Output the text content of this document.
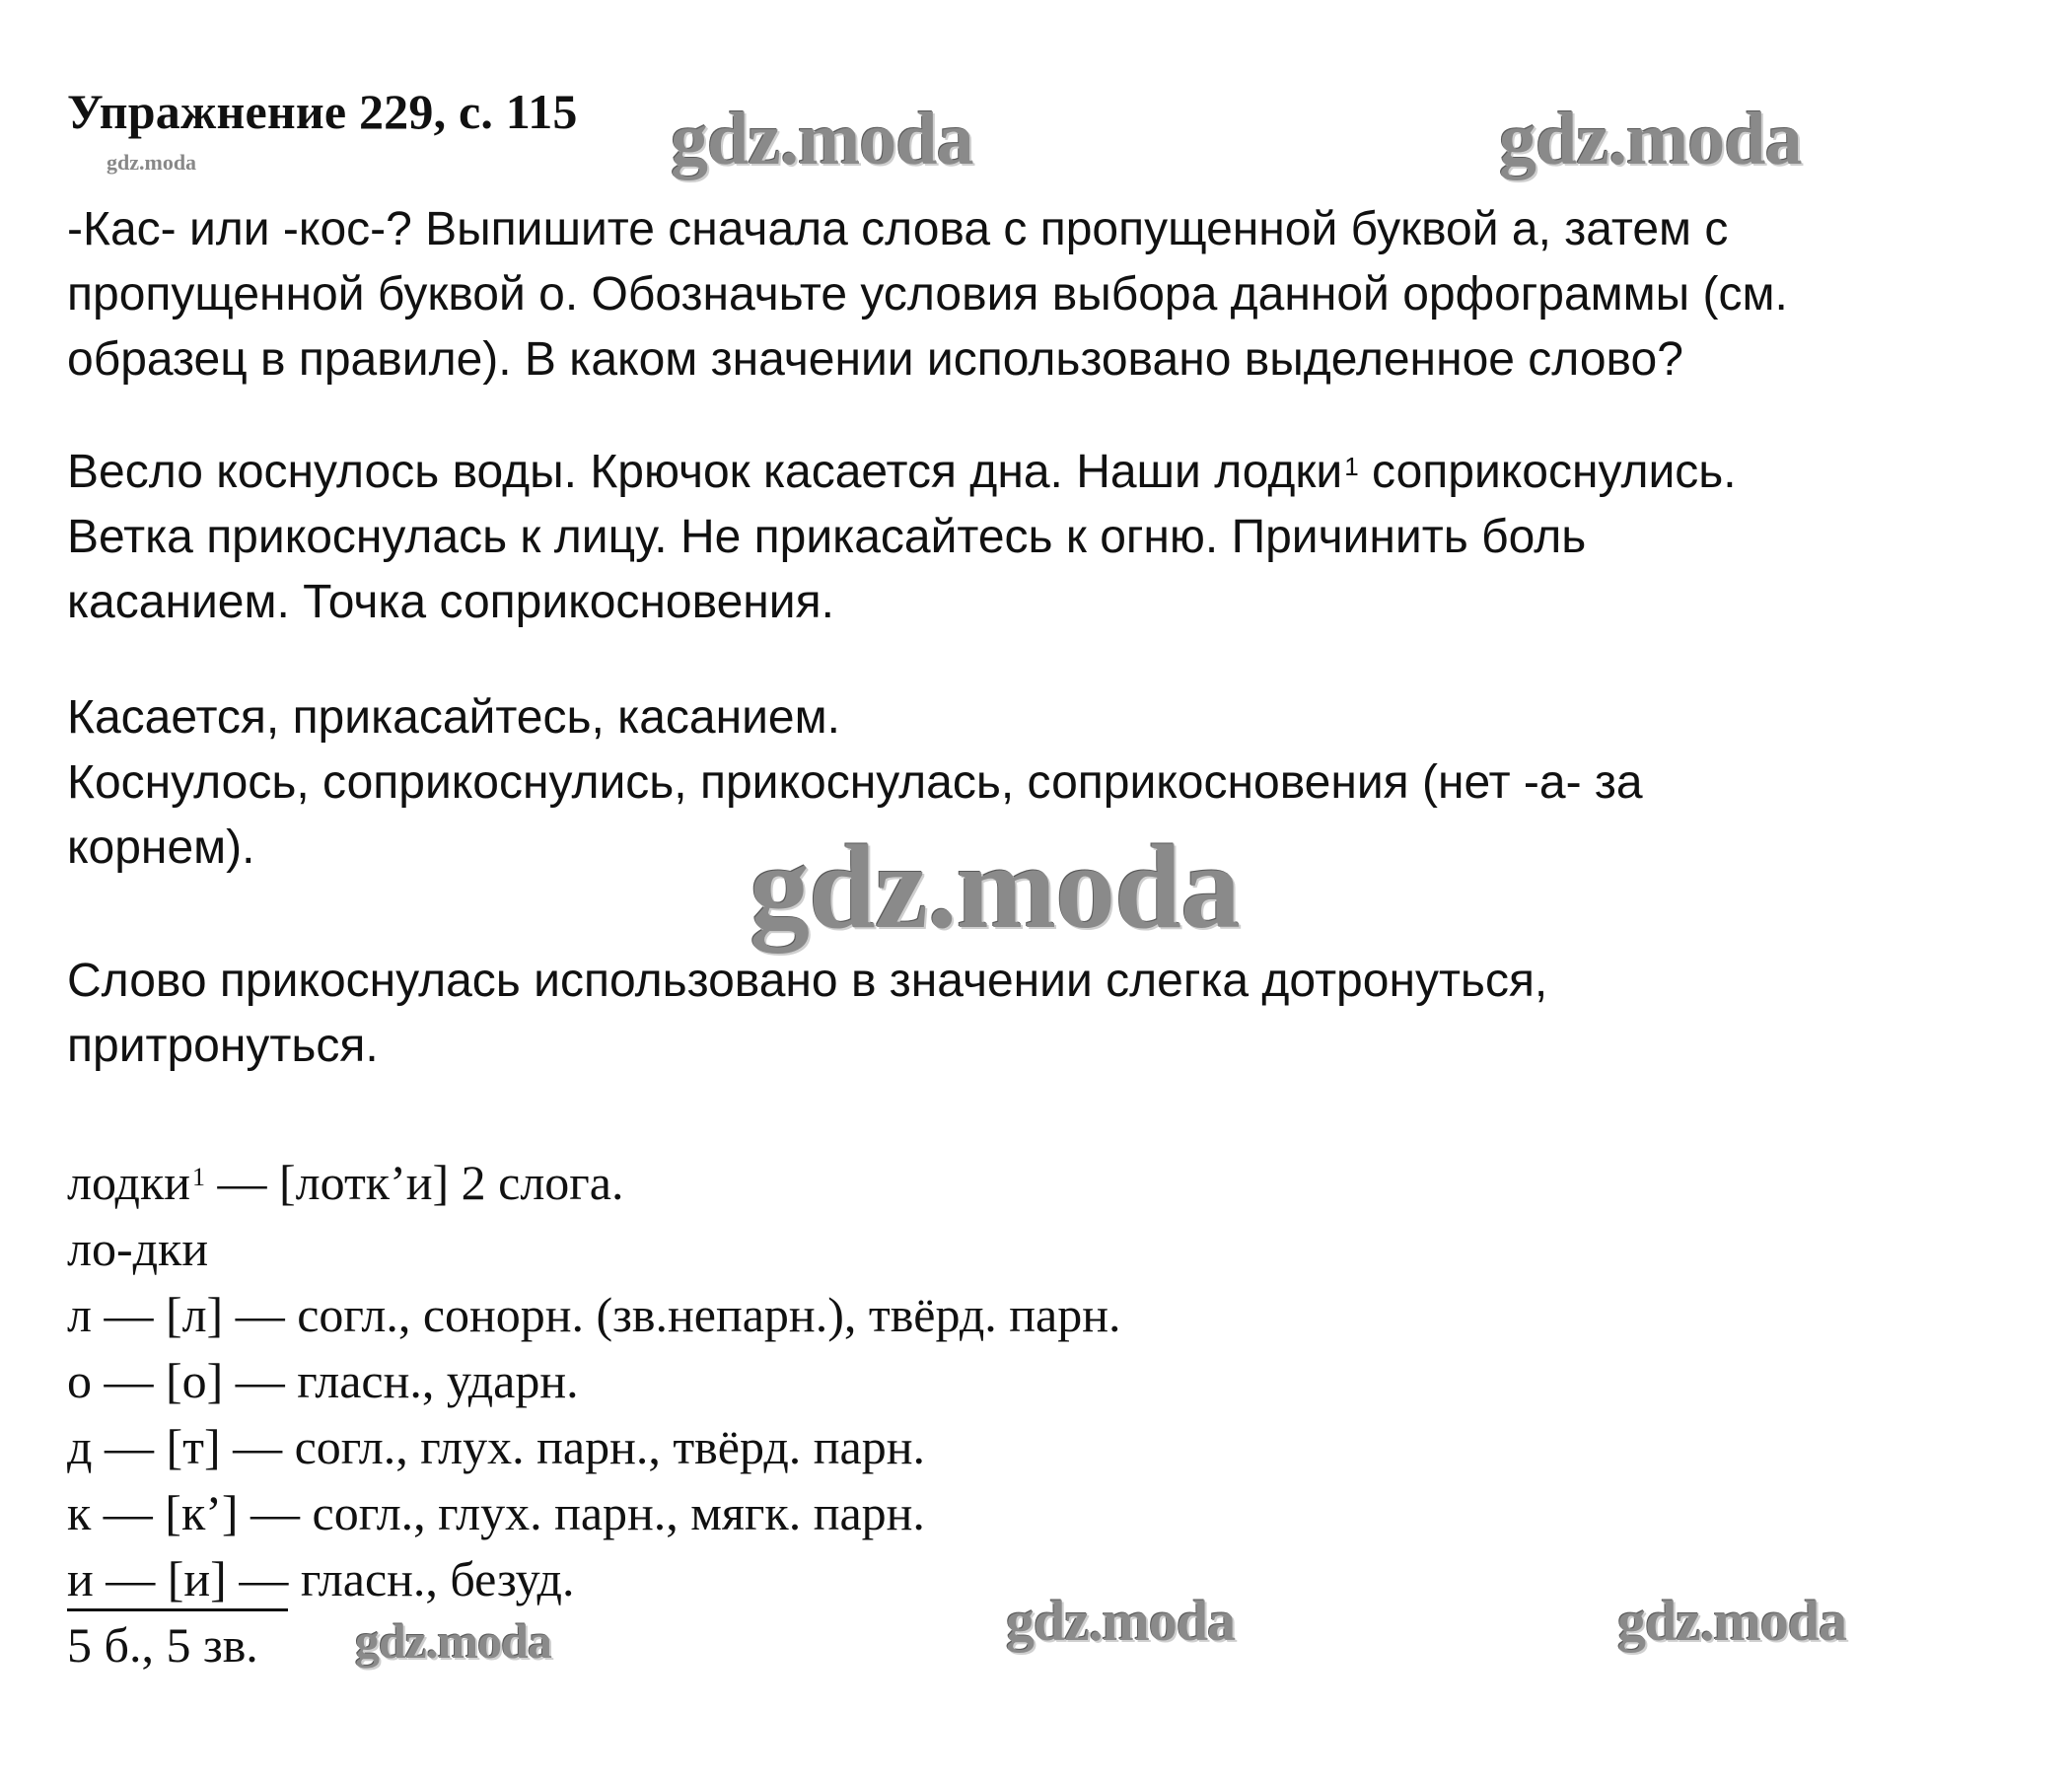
Упражнение 229, с. 115
gdz.moda	gdz.moda	gdz.moda
gdz.moda
gdz.moda	gdz.moda
gdz.moda
-Кас- или -кос-? Выпишите сначала слова с пропущенной буквой а, затем с
пропущенной буквой о. Обозначьте условия выбора данной орфограммы (см.
образец в правиле). В каком значении использовано выделенное слово?
Весло коснулось воды. Крючок касается дна. Наши лодки$^1$ соприкоснулись.
Ветка прикоснулась к лицу. Не прикасайтесь к огню. Причинить боль
касанием. Точка соприкосновения.
Касается, прикасайтесь, касанием.
Коснулось, соприкоснулись, прикоснулась, соприкосновения (нет -а- за
корнем).
Слово прикоснулась использовано в значении слегка дотронуться,
притронуться.
лодки$^1$ — [лотк’и] 2 слога.
ло-дки
л — [л] — согл., сонорн. (зв.непарн.), твёрд. парн.
о — [о] — гласн., ударн.
д — [т] — согл., глух. парн., твёрд. парн.
к — [к’] — согл., глух. парн., мягк. парн.
и — [и] — гласн., безуд.
5 б., 5 зв.
